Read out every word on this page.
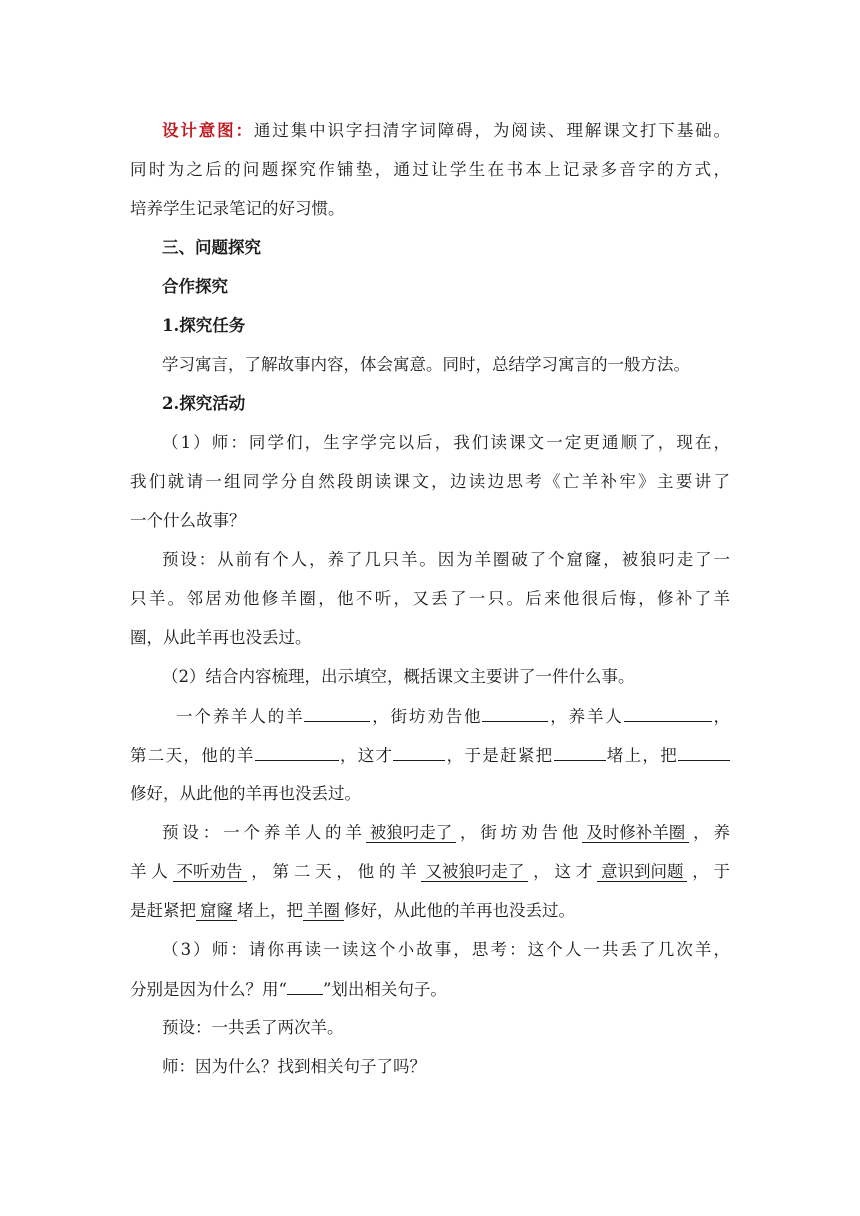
设计意图：通过集中识字扫清字词障碍，为阅读、理解课文打下基础。
同时为之后的问题探究作铺垫，通过让学生在书本上记录多音字的方式，
培养学生记录笔记的好习惯。
三、问题探究
合作探究
1.探究任务
学习寓言，了解故事内容，体会寓意。同时，总结学习寓言的一般方法。
2.探究活动
（1）师：同学们，生字学完以后，我们读课文一定更通顺了，现在，
我们就请一组同学分自然段朗读课文，边读边思考《亡羊补牢》主要讲了
一个什么故事？
预设：从前有个人，养了几只羊。因为羊圈破了个窟窿，被狼叼走了一
只羊。邻居劝他修羊圈，他不听，又丢了一只。后来他很后悔，修补了羊
圈，从此羊再也没丢过。
（2）结合内容梳理，出示填空，概括课文主要讲了一件什么事。
一个养羊人的羊	，街坊劝告他	，养羊人	，
第二天，他的羊	，这才	，于是赶紧把	堵上，把
修好，从此他的羊再也没丢过。
预设：一个养羊人的羊 被狼叼走了 ，街坊劝告他 及时修补羊圈 ，养
羊人 不听劝告 ，第二天，他的羊 又被狼叼走了 ，这才 意识到问题 ，于
是赶紧把 窟窿 堵上，把 羊圈 修好，从此他的羊再也没丢过。
（3）师：请你再读一读这个小故事，思考：这个人一共丢了几次羊，
分别是因为什么？用“ ”划出相关句子。
预设：一共丢了两次羊。
师：因为什么？找到相关句子了吗？
